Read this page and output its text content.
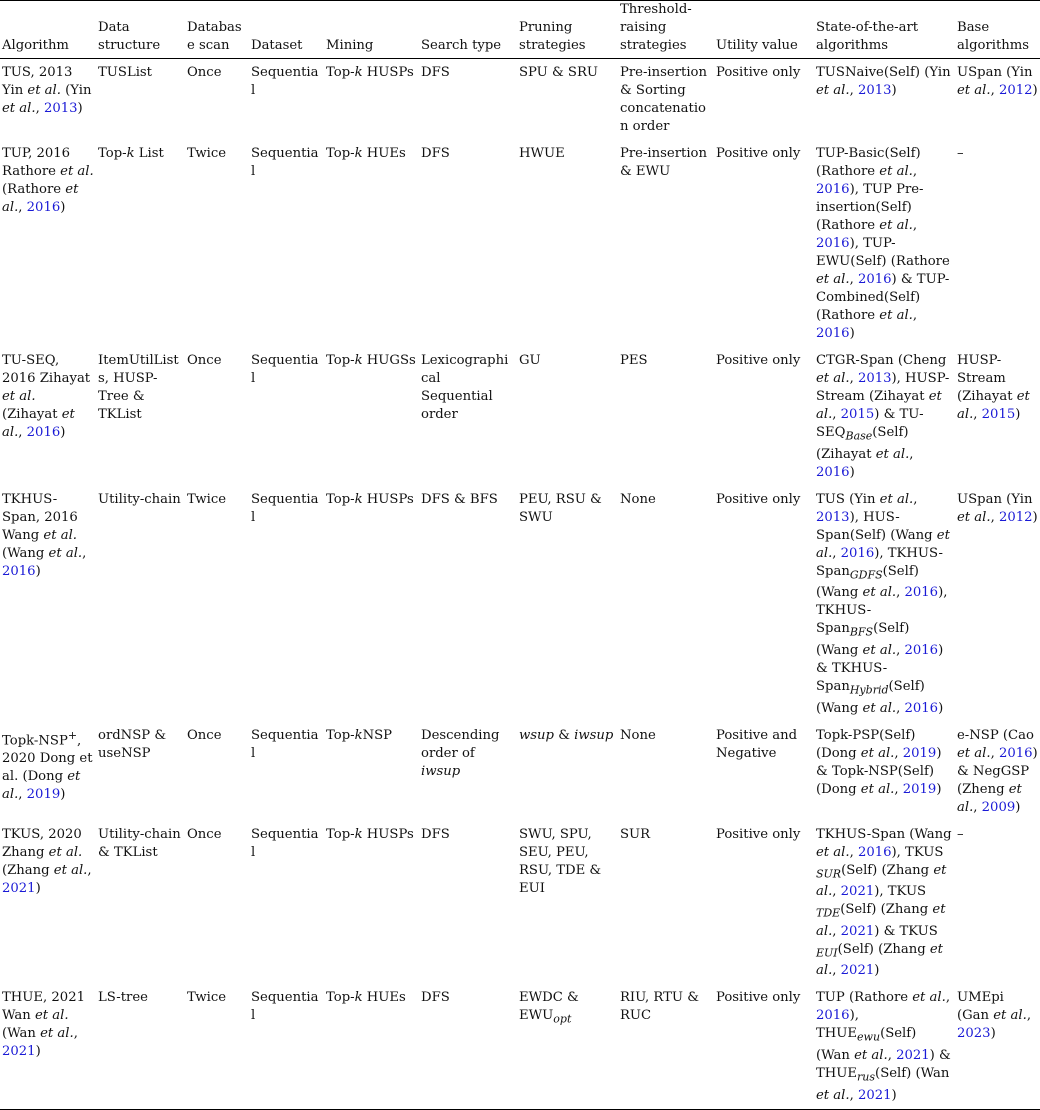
Algorithm	Data structure	Database scan	Dataset	Mining	Search type	Pruning strategies	Threshold-raising strategies	Utility value	State-of-the-art algorithms	Base algorithms
TUS, 2013 Yin et al. (Yin et al., 2013)	TUSList	Once	Sequential	Top-k HUSPs	DFS	SPU & SRU	Pre-insertion & Sorting concatenation order	Positive only	TUSNaive(Self) (Yin et al., 2013)	USpan (Yin et al., 2012)
TUP, 2016 Rathore et al. (Rathore et al., 2016)	Top-k List	Twice	Sequential	Top-k HUEs	DFS	HWUE	Pre-insertion & EWU	Positive only	TUP-Basic(Self) (Rathore et al., 2016), TUP Pre-insertion(Self) (Rathore et al., 2016), TUP-EWU(Self) (Rathore et al., 2016) & TUP-Combined(Self) (Rathore et al., 2016)	–
TU-SEQ, 2016 Zihayat et al. (Zihayat et al., 2016)	ItemUtilLists, HUSP-Tree & TKList	Once	Sequential	Top-k HUGSs	Lexicographical Sequential order	GU	PES	Positive only	CTGR-Span (Cheng et al., 2013), HUSP-Stream (Zihayat et al., 2015) & $TU-SEQ_{Base}(Self)$ (Zihayat et al., 2016)	HUSP-Stream (Zihayat et al., 2015)
TKHUS-Span, 2016 Wang et al. (Wang et al., 2016)	Utility-chain	Twice	Sequential	Top-k HUSPs	DFS & BFS	PEU, RSU & SWU	None	Positive only	TUS (Yin et al., 2013), HUS-Span(Self) (Wang et al., 2016), TKHUS-Span$_{GDFS}$(Self) (Wang et al., 2016), TKHUS-Span$_{BFS}$(Self) (Wang et al., 2016) & TKHUS-Span$_{Hybrid}$(Self) (Wang et al., 2016)	USpan (Yin et al., 2012)
Topk-NSP+, 2020 Dong et al. (Dong et al., 2019)	ordNSP & useNSP	Once	Sequential	Top-kNSP	Descending order of iwsup	wsup & iwsup	None	Positive and Negative	Topk-PSP(Self) (Dong et al., 2019) & Topk-NSP(Self) (Dong et al., 2019)	e-NSP (Cao et al., 2016) & NegGSP (Zheng et al., 2009)
TKUS, 2020 Zhang et al. (Zhang et al., 2021)	Utility-chain & TKList	Once	Sequential	Top-k HUSPs	DFS	SWU, SPU, SEU, PEU, RSU, TDE & EUI	SUR	Positive only	TKHUS-Span (Wang et al., 2016), TKUS $_{SUR}$(Self) (Zhang et al., 2021), TKUS $_{TDE}$(Self) (Zhang et al., 2021) & TKUS $_{EUI}$(Self) (Zhang et al., 2021)	–
THUE, 2021 Wan et al. (Wan et al., 2021)	LS-tree	Twice	Sequential	Top-k HUEs	DFS	EWDC & $EWU_{opt}$	RIU, RTU & RUC	Positive only	TUP (Rathore et al., 2016), $THUE_{ewu}(Self)$ (Wan et al., 2021) & $THUE_{rus}(Self)$ (Wan et al., 2021)	UMEpi (Gan et al., 2023)
